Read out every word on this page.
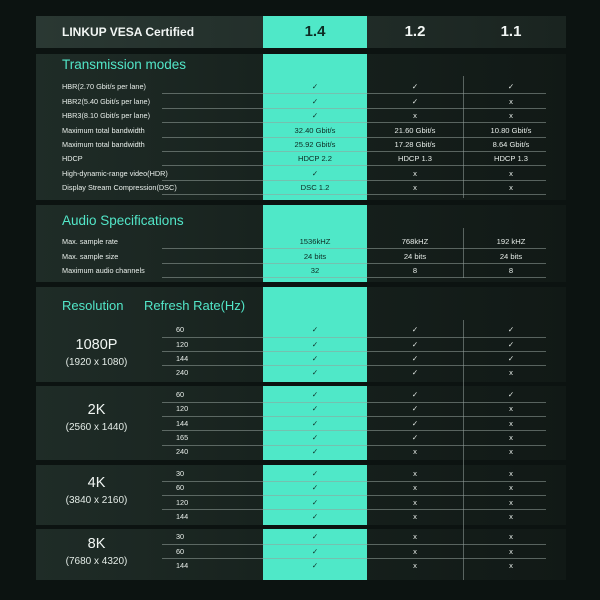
LINKUP VESA Certified	1.4	1.2	1.1
Transmission modes
HBR(2.70 Gbit/s per lane)	✓	✓	✓
HBR2(5.40 Gbit/s per lane)	✓	✓	x
HBR3(8.10 Gbit/s per lane)	✓	x	x
Maximum total bandwidth	32.40 Gbit/s	21.60 Gbit/s	10.80 Gbit/s
Maximum total bandwidth	25.92 Gbit/s	17.28 Gbit/s	8.64 Gbit/s
HDCP	HDCP 2.2	HDCP 1.3	HDCP 1.3
High-dynamic-range video(HDR)	✓	x	x
Display Stream Compression(DSC)	DSC 1.2	x	x
Audio Specifications
Max. sample rate	1536kHZ	768kHZ	192 kHZ
Max. sample size	24 bits	24 bits	24 bits
Maximum audio channels	32	8	8
Resolution Refresh Rate(Hz)
1080P
(1920 x 1080)
60	✓	✓	✓
120	✓	✓	✓
144	✓	✓	✓
240	✓	✓	x
2K
(2560 x 1440)
60	✓	✓	✓
120	✓	✓	x
144	✓	✓	x
165	✓	✓	x
240	✓	x	x
4K
(3840 x 2160)
30	✓	x	x
60	✓	x	x
120	✓	x	x
144	✓	x	x
8K
(7680 x 4320)
30	✓	x	x
60	✓	x	x
144	✓	x	x
